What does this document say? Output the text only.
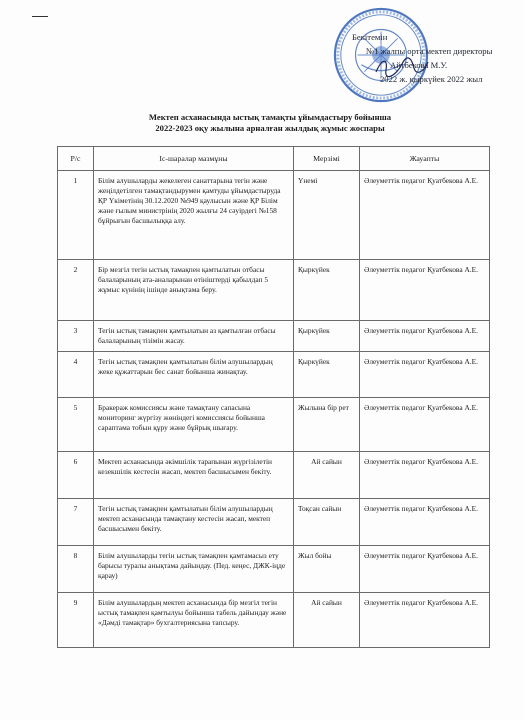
Бекітемін
№1 жалпы орта мектеп директоры
Айтбекова М.У.
2022 ж. қыркүйек 2022 жыл
Мектеп асханасында ыстық тамақты ұйымдастыру бойынша
2022-2023 оқу жылына арналған жылдық жұмыс жоспары
Р/с	Іс-шаралар мазмұны	Мерзімі	Жауапты
1	Білім алушыларды жекелеген санаттарына тегін және жеңілдетілген тамақтандырумен қамтуды ұйымдастыруда ҚР Үкіметінің 30.12.2020 №949 қаулысын және ҚР Білім және ғылым министрінің 2020 жылғы 24 сәуірдегі №158 бұйрығын басшылыққа алу.	Үнемі	Әлеуметтік педагог Қуатбекова А.Е.
2	Бір мезгіл тегін ыстық тамақпен қамтылатын отбасы балаларының ата-аналарынан өтініштерді қабылдап 5 жұмыс күнінің ішінде анықтама беру.	Қыркүйек	Әлеуметтік педагог Қуатбекова А.Е.
3	Тегін ыстық тамақпен қамтылатын аз қамтылған отбасы балаларының тізімін жасау.	Қыркүйек	Әлеуметтік педагог Қуатбекова А.Е.
4	Тегін ыстық тамақпен қамтылатын білім алушылардың жеке құжаттарын бес санат бойынша жинақтау.	Қыркүйек	Әлеуметтік педагог Қуатбекова А.Е.
5	Бракераж комиссиясы және тамақтану сапасына мониторинг жүргізу жөніндегі комиссиясы бойынша сараптама тобын құру және бұйрық шығару.	Жылына бір рет	Әлеуметтік педагог Қуатбекова А.Е.
6	Мектеп асханасында әкімшілік тарапынан жүргізілетін кезекшілік кестесін жасап, мектеп басшысымен бекіту.	Ай сайын	Әлеуметтік педагог Қуатбекова А.Е.
7	Тегін ыстық тамақпен қамтылатын білім алушылардың мектеп асханасында тамақтану кестесін жасап, мектеп басшысымен бекіту.	Тоқсан сайын	Әлеуметтік педагог Қуатбекова А.Е.
8	Білім алушыларды тегін ыстық тамақпен қамтамасыз ету барысы туралы анықтама дайындау. (Пед. кеңес, ДЖК-іңде қарау)	Жыл бойы	Әлеуметтік педагог Қуатбекова А.Е.
9	Білім алушылардың мектеп асханасында бір мезгіл тегін ыстық тамақпен қамтылуы бойынша табель дайындау және «Дәмді тамақтар» бухгалтериясына тапсыру.	Ай сайын	Әлеуметтік педагог Қуатбекова А.Е.
